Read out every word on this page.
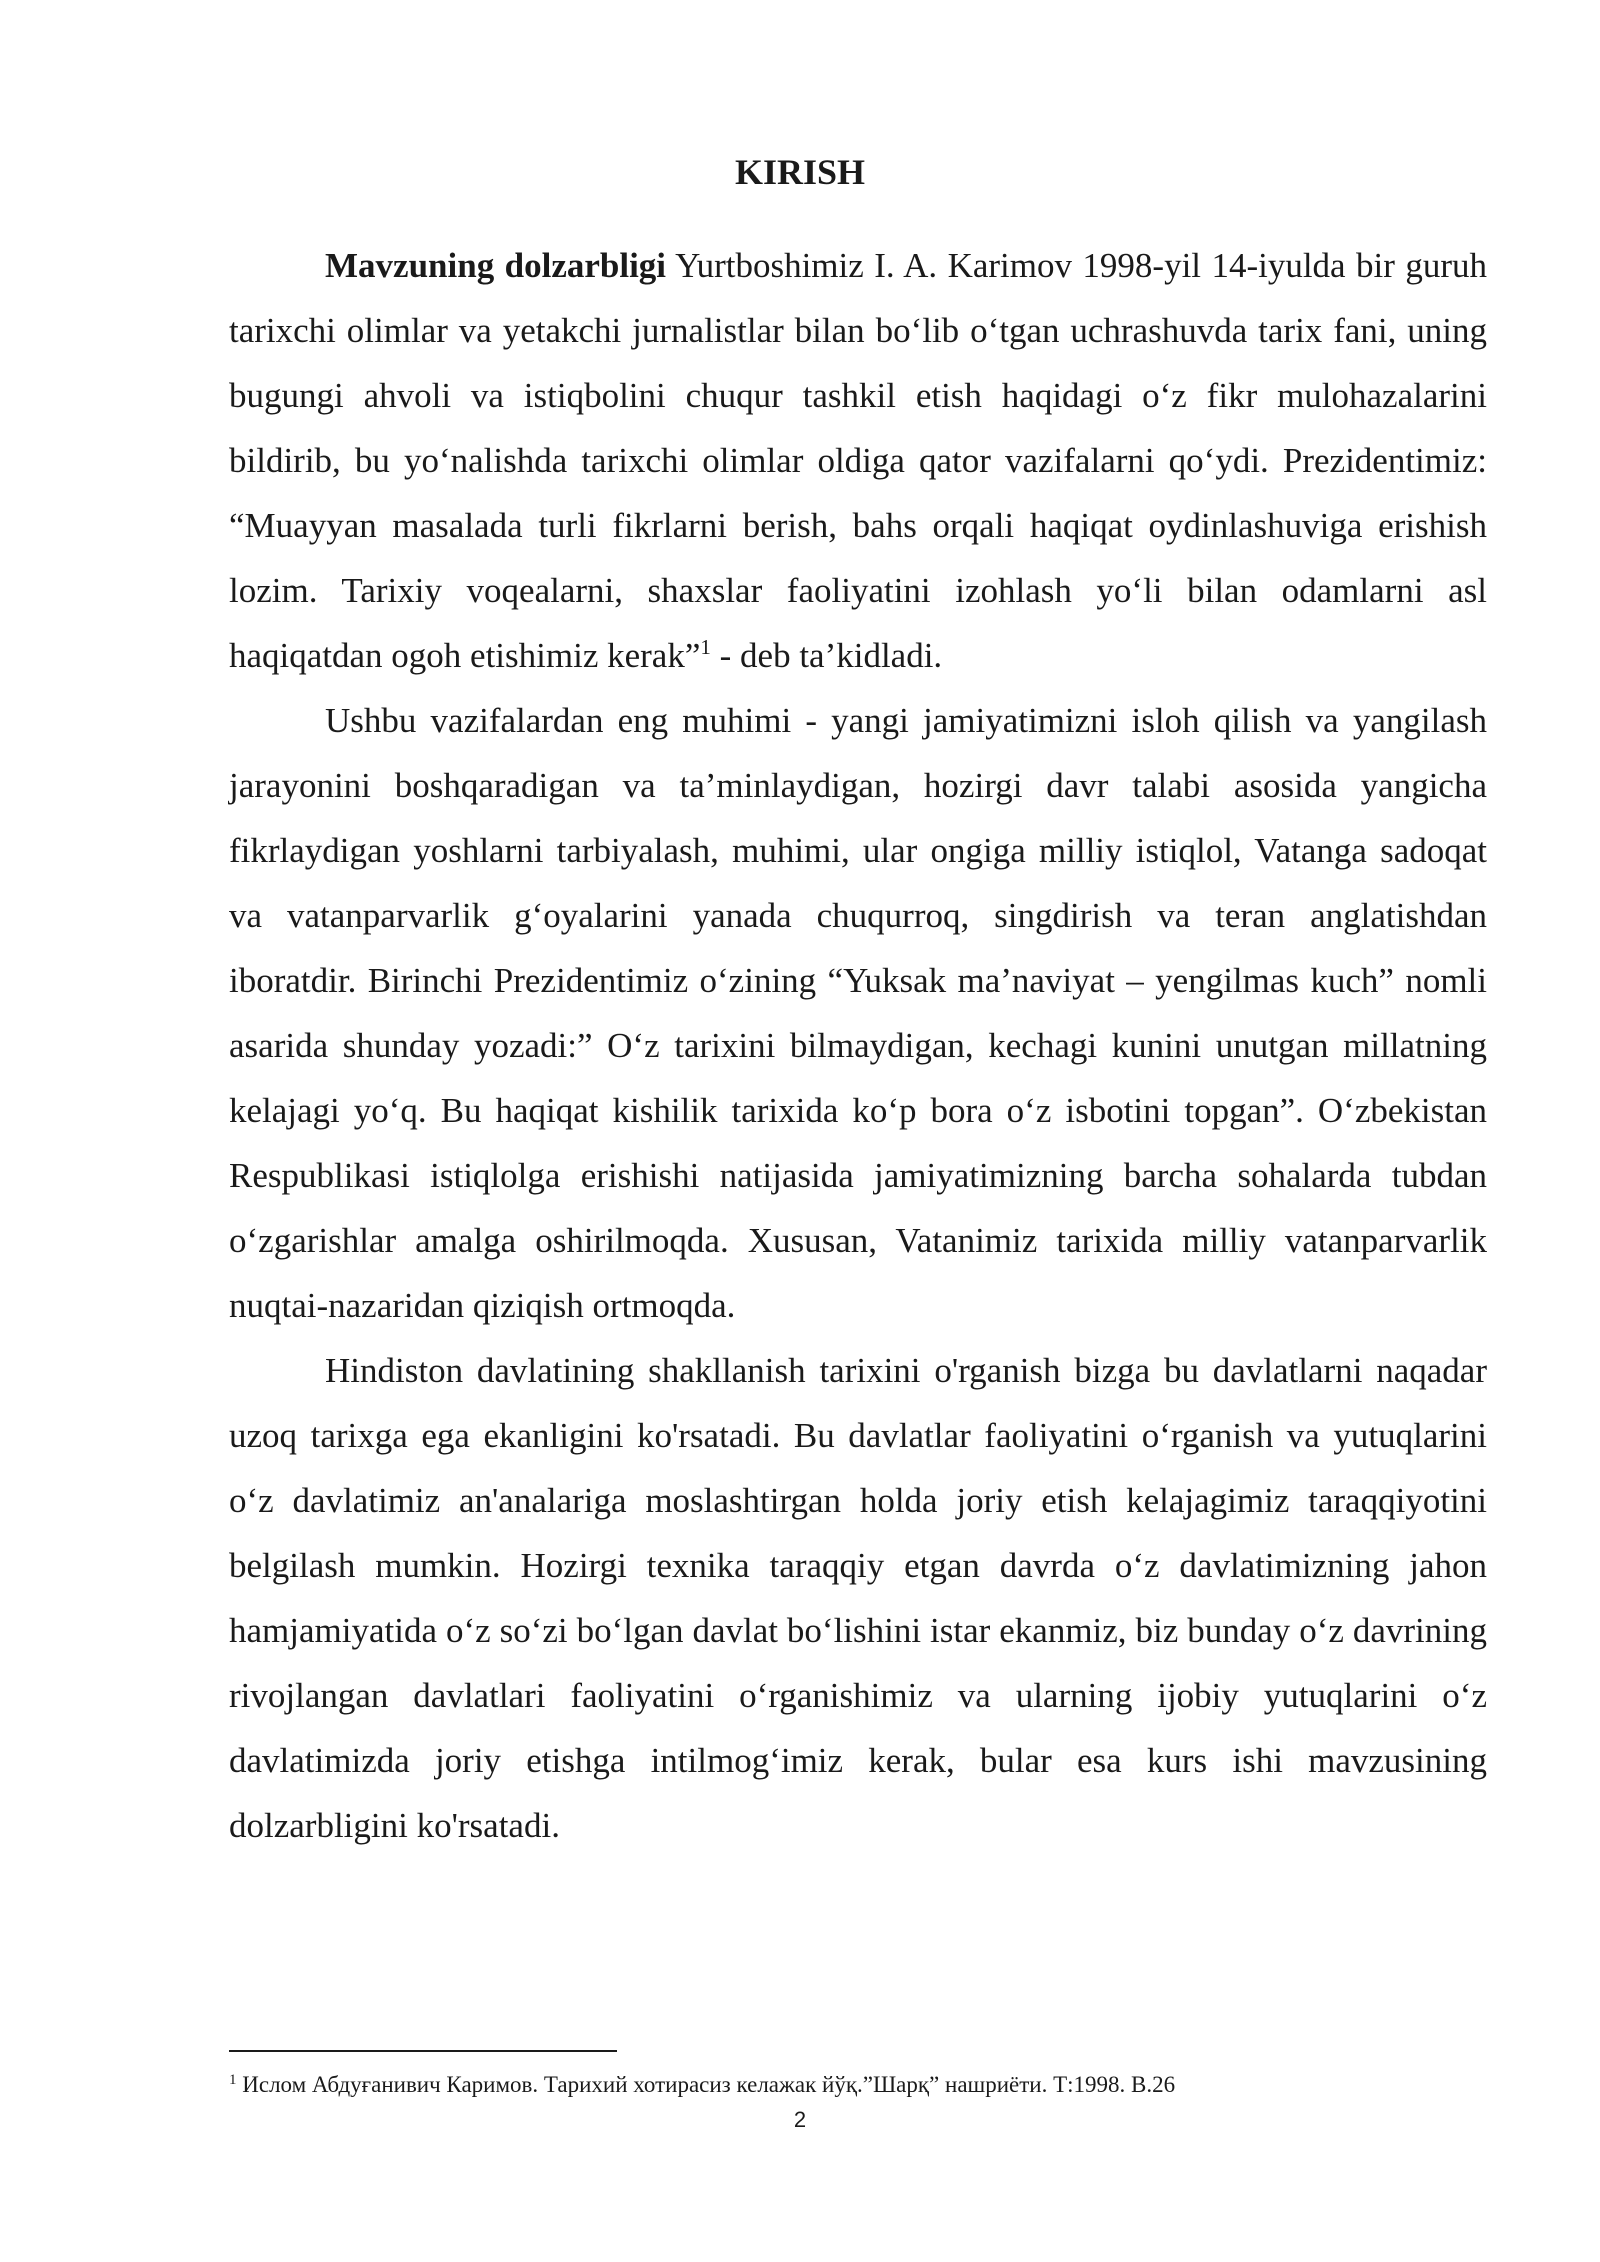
KIRISH

Mavzuning dolzarbligi Yurtboshimiz I. A. Karimov 1998-yil 14-iyulda bir guruh tarixchi olimlar va yetakchi jurnalistlar bilan bo‘lib o‘tgan uchrashuvda tarix fani, uning bugungi ahvoli va istiqbolini chuqur tashkil etish haqidagi o‘z fikr mulohazalarini bildirib, bu yo‘nalishda tarixchi olimlar oldiga qator vazifalarni qo‘ydi. Prezidentimiz: “Muayyan masalada turli fikrlarni berish, bahs orqali haqiqat oydinlashuviga erishish lozim. Tarixiy voqealarni, shaxslar faoliyatini izohlash yo‘li bilan odamlarni asl haqiqatdan ogoh etishimiz kerak”$^1$ - deb ta’kidladi.

Ushbu vazifalardan eng muhimi - yangi jamiyatimizni isloh qilish va yangilash jarayonini boshqaradigan va ta’minlaydigan, hozirgi davr talabi asosida yangicha fikrlaydigan yoshlarni tarbiyalash, muhimi, ular ongiga milliy istiqlol, Vatanga sadoqat va vatanparvarlik g‘oyalarini yanada chuqurroq, singdirish va teran anglatishdan iboratdir. Birinchi Prezidentimiz o‘zining “Yuksak ma’naviyat – yengilmas kuch” nomli asarida shunday yozadi:” O‘z tarixini bilmaydigan, kechagi kunini unutgan millatning kelajagi yo‘q. Bu haqiqat kishilik tarixida ko‘p bora o‘z isbotini topgan”. O‘zbekistan Respublikasi istiqlolga erishishi natijasida jamiyatimizning barcha sohalarda tubdan o‘zgarishlar amalga oshirilmoqda. Xususan, Vatanimiz tarixida milliy vatanparvarlik nuqtai-nazaridan qiziqish ortmoqda.

Hindiston davlatining shakllanish tarixini o'rganish bizga bu davlatlarni naqadar uzoq tarixga ega ekanligini ko'rsatadi. Bu davlatlar faoliyatini o‘rganish va yutuqlarini o‘z davlatimiz an'analariga moslashtirgan holda joriy etish kelajagimiz taraqqiyotini belgilash mumkin. Hozirgi texnika taraqqiy etgan davrda o‘z davlatimizning jahon hamjamiyatida o‘z so‘zi bo‘lgan davlat bo‘lishini istar ekanmiz, biz bunday o‘z davrining rivojlangan davlatlari faoliyatini o‘rganishimiz va ularning ijobiy yutuqlarini o‘z davlatimizda joriy etishga intilmog‘imiz kerak, bular esa kurs ishi mavzusining dolzarbligini ko'rsatadi.

$^1$ Ислом Абдуғанивич Каримов. Тарихий хотирасиз келажак йўқ.”Шарқ” нашриёти. Т:1998. В.26

2
